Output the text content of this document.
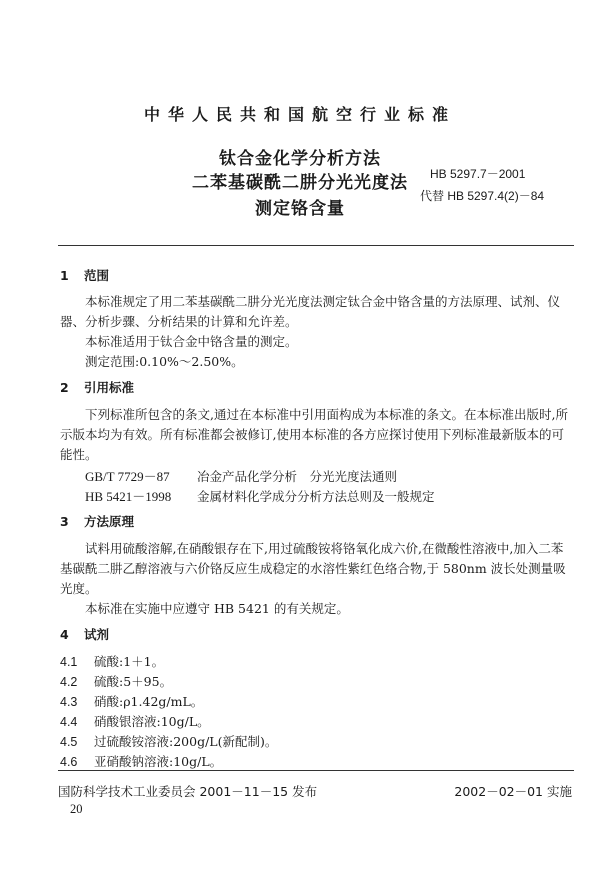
中华人民共和国航空行业标准
钛合金化学分析方法
二苯基碳酰二肼分光光度法
测定铬含量
HB 5297.7－2001
代替 HB 5297.4(2)－84
1 范围
本标准规定了用二苯基碳酰二肼分光光度法测定钛合金中铬含量的方法原理、试剂、仪器、分析步骤、分析结果的计算和允许差。
本标准适用于钛合金中铬含量的测定。
测定范围:0.10%～2.50%。
2 引用标准
下列标准所包含的条文,通过在本标准中引用面构成为本标准的条文。在本标准出版时,所示版本均为有效。所有标准都会被修订,使用本标准的各方应探讨使用下列标准最新版本的可能性。
GB/T 7729－87 冶金产品化学分析　分光光度法通则
HB 5421－1998 金属材料化学成分分析方法总则及一般规定
3 方法原理
试料用硫酸溶解,在硝酸银存在下,用过硫酸铵将铬氧化成六价,在微酸性溶液中,加入二苯基碳酰二肼乙醇溶液与六价铬反应生成稳定的水溶性紫红色络合物,于 580nm 波长处测量吸光度。
本标准在实施中应遵守 HB 5421 的有关规定。
4 试剂
4.1 硫酸:1＋1。
4.2 硫酸:5＋95。
4.3 硝酸:ρ1.42g/mL。
4.4 硝酸银溶液:10g/L。
4.5 过硫酸铵溶液:200g/L(新配制)。
4.6 亚硝酸钠溶液:10g/L。
国防科学技术工业委员会 2001－11－15 发布	2002－02－01 实施
20
